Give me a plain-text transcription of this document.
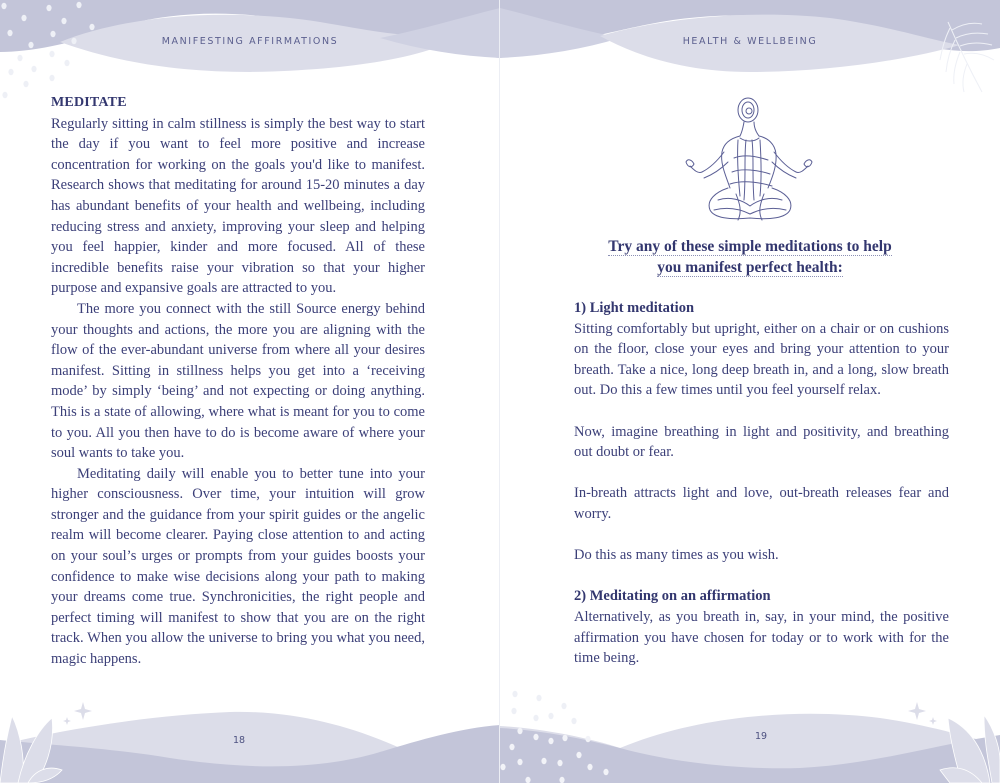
MANIFESTING AFFIRMATIONS

MEDITATE

Regularly sitting in calm stillness is simply the best way to start the day if you want to feel more positive and increase concentration for working on the goals you'd like to manifest. Research shows that meditating for around 15-20 minutes a day has abundant benefits of your health and wellbeing, including reducing stress and anxiety, improving your sleep and helping you feel happier, kinder and more focused. All of these incredible benefits raise your vibration so that your higher purpose and expansive goals are attracted to you.

The more you connect with the still Source energy behind your thoughts and actions, the more you are aligning with the flow of the ever-abundant universe from where all your desires manifest. Sitting in stillness helps you get into a ‘receiving mode’ by simply ‘being’ and not expecting or doing anything. This is a state of allowing, where what is meant for you to come to you. All you then have to do is become aware of where your soul wants to take you.

Meditating daily will enable you to better tune into your higher consciousness. Over time, your intuition will grow stronger and the guidance from your spirit guides or the angelic realm will become clearer. Paying close attention to and acting on your soul’s urges or prompts from your guides boosts your confidence to make wise decisions along your path to making your dreams come true. Synchronicities, the right people and perfect timing will manifest to show that you are on the right track. When you allow the universe to bring you what you need, magic happens.

18
HEALTH & WELLBEING
Try any of these simple meditations to help
you manifest perfect health:

1) Light meditation

Sitting comfortably but upright, either on a chair or on cushions on the floor, close your eyes and bring your attention to your breath. Take a nice, long deep breath in, and a long, slow breath out. Do this a few times until you feel yourself relax.

Now, imagine breathing in light and positivity, and breathing out doubt or fear.

In-breath attracts light and love, out-breath releases fear and worry.

Do this as many times as you wish.

2) Meditating on an affirmation

Alternatively, as you breath in, say, in your mind, the positive affirmation you have chosen for today or to work with for the time being.

19
